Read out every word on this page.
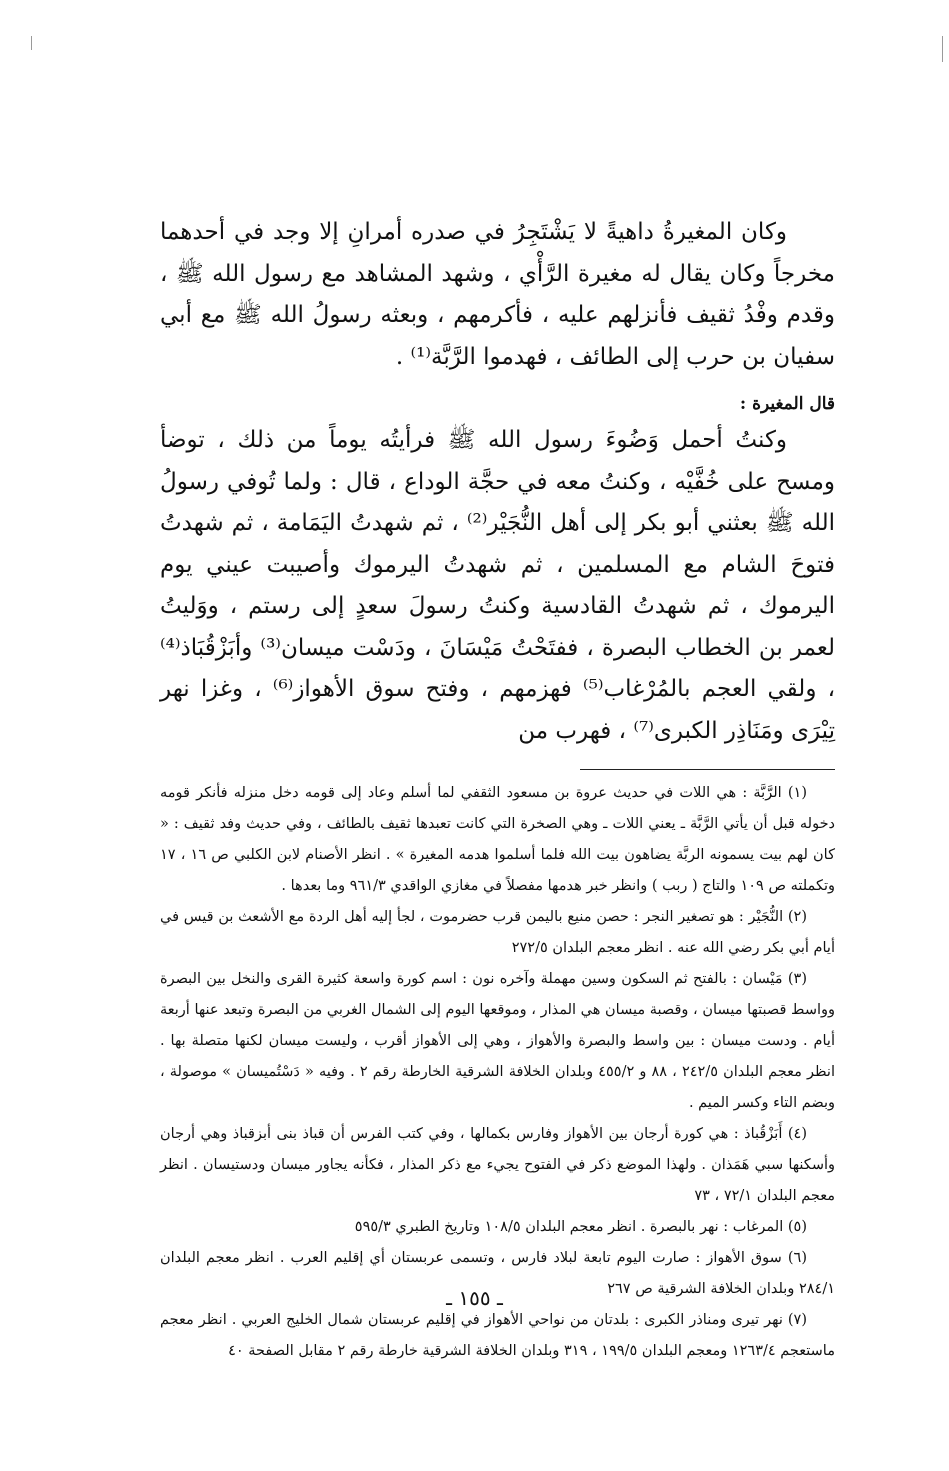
وكان المغيرةُ داهيةً لا يَشْتَجِرُ في صدره أمرانِ إلا وجد في أحدهما مخرجاً وكان يقال له مغيرة الرَّأْي ، وشهد المشاهد مع رسول الله ﷺ ، وقدم وفْدُ ثقيف فأنزلهم عليه ، فأكرمهم ، وبعثه رسولُ الله ﷺ مع أبي سفيان بن حرب إلى الطائف ، فهدموا الرَّبَّة⁽¹⁾ .

قال المغيرة :

وكنتُ أحمل وَضُوءَ رسول الله ﷺ فرأيتُه يوماً من ذلك ، توضأ ومسح على خُفَّيْه ، وكنتُ معه في حجَّة الوداع ، قال : ولما تُوفي رسولُ الله ﷺ بعثني أبو بكر إلى أهل النُّجَيْر⁽²⁾ ، ثم شهدتُ اليَمَامة ، ثم شهدتُ فتوحَ الشام مع المسلمين ، ثم شهدتُ اليرموك وأصيبت عيني يوم اليرموك ، ثم شهدتُ القادسية وكنتُ رسولَ سعدٍ إلى رستم ، ووَليتُ لعمر بن الخطاب البصرة ، ففتَحْتُ مَيْسَانَ ، ودَسْت ميسان⁽³⁾ وأبَزْقُبَاذ⁽⁴⁾ ، ولقي العجم بالمُرْغاب⁽⁵⁾ فهزمهم ، وفتح سوق الأهواز⁽⁶⁾ ، وغزا نهر تِيْرَى ومَنَاذِر الكبرى⁽⁷⁾ ، فهرب من

(١) الرَّبَّة : هي اللات في حديث عروة بن مسعود الثقفي لما أسلم وعاد إلى قومه دخل منزله فأنكر قومه دخوله قبل أن يأتي الرَّبَّة ـ يعني اللات ـ وهي الصخرة التي كانت تعبدها ثقيف بالطائف ، وفي حديث وفد ثقيف : « كان لهم بيت يسمونه الربَّة يضاهون بيت الله فلما أسلموا هدمه المغيرة » . انظر الأصنام لابن الكلبي ص ١٦ ، ١٧ وتكملته ص ١٠٩ والتاج ( ربب ) وانظر خبر هدمها مفصلاً في مغازي الواقدي ٩٦١/٣ وما بعدها .

(٢) النُّجَيْر : هو تصغير النجر : حصن منيع باليمن قرب حضرموت ، لجأ إليه أهل الردة مع الأشعث بن قيس في أيام أبي بكر رضي الله عنه . انظر معجم البلدان ٢٧٢/٥

(٣) مَيْسان : بالفتح ثم السكون وسين مهملة وآخره نون : اسم كورة واسعة كثيرة القرى والنخل بين البصرة وواسط قصبتها ميسان ، وقصبة ميسان هي المذار ، وموقعها اليوم إلى الشمال الغربي من البصرة وتبعد عنها أربعة أيام . ودست ميسان : بين واسط والبصرة والأهواز ، وهي إلى الأهواز أقرب ، وليست ميسان لكنها متصلة بها . انظر معجم البلدان ٢٤٢/٥ ، ٨٨ و ٤٥٥/٢ وبلدان الخلافة الشرقية الخارطة رقم ٢ . وفيه « دَسْتُميسان » موصولة ، وبضم التاء وكسر الميم .

(٤) أَبَزْقُباذ : هي كورة أرجان بين الأهواز وفارس بكمالها ، وفي كتب الفرس أن قباذ بنى أبزقباذ وهي أرجان وأسكنها سبي هَمَذان . ولهذا الموضع ذكر في الفتوح يجيء مع ذكر المذار ، فكأنه يجاور ميسان ودستيسان . انظر معجم البلدان ٧٢/١ ، ٧٣

(٥) المرغاب : نهر بالبصرة . انظر معجم البلدان ١٠٨/٥ وتاريخ الطبري ٥٩٥/٣

(٦) سوق الأهواز : صارت اليوم تابعة لبلاد فارس ، وتسمى عربستان أي إقليم العرب . انظر معجم البلدان ٢٨٤/١ وبلدان الخلافة الشرقية ص ٢٦٧

(٧) نهر تيرى ومناذر الكبرى : بلدتان من نواحي الأهواز في إقليم عربستان شمال الخليج العربي . انظر معجم ماستعجم ١٢٦٣/٤ ومعجم البلدان ١٩٩/٥ ، ٣١٩ وبلدان الخلافة الشرقية خارطة رقم ٢ مقابل الصفحة ٤٠

ـ ١٥٥ ـ
